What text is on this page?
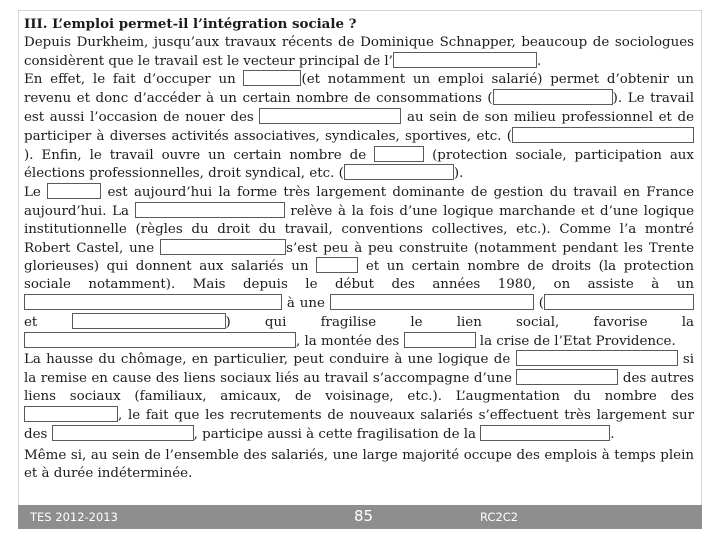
III. L’emploi permet-il l’intégration sociale ?

Depuis Durkheim, jusqu’aux travaux récents de Dominique Schnapper, beaucoup de sociologues considèrent que le travail est le vecteur principal de l’	.
En effet, le fait d’occuper un	(et notamment un emploi salarié) permet d’obtenir un revenu et donc d’accéder à un certain nombre de consommations (	). Le travail est aussi l’occasion de nouer des	au sein de son milieu professionnel et de participer à diverses activités associatives, syndicales, sportives, etc. (). Enfin, le travail ouvre un certain nombre de	(protection sociale, participation aux élections professionnelles, droit syndical, etc. (	).

Le	est aujourd’hui la forme très largement dominante de gestion du travail en France aujourd’hui. La	relève à la fois d’une logique marchande et d’une logique institutionnelle (règles du droit du travail, conventions collectives, etc.). Comme l’a montré Robert Castel, une	s’est peu à peu construite (notamment pendant les Trente glorieuses) qui donnent aux salariés un	et un certain nombre de droits (la protection sociale notamment). Mais depuis le début des années 1980, on assiste à un  à une	( et	) qui fragilise le lien social, favorise la , la montée des	la crise de l’Etat Providence.

La hausse du chômage, en particulier, peut conduire à une logique de	si la remise en cause des liens sociaux liés au travail s’accompagne d’une	des autres liens sociaux (familiaux, amicaux, de voisinage, etc.). L’augmentation du nombre des , le fait que les recrutements de nouveaux salariés s’effectuent très largement sur des	, participe aussi à cette fragilisation de la	.

Même si, au sein de l’ensemble des salariés, une large majorité occupe des emplois à temps plein et à durée indéterminée.

TES 2012-2013	85	RC2C2
